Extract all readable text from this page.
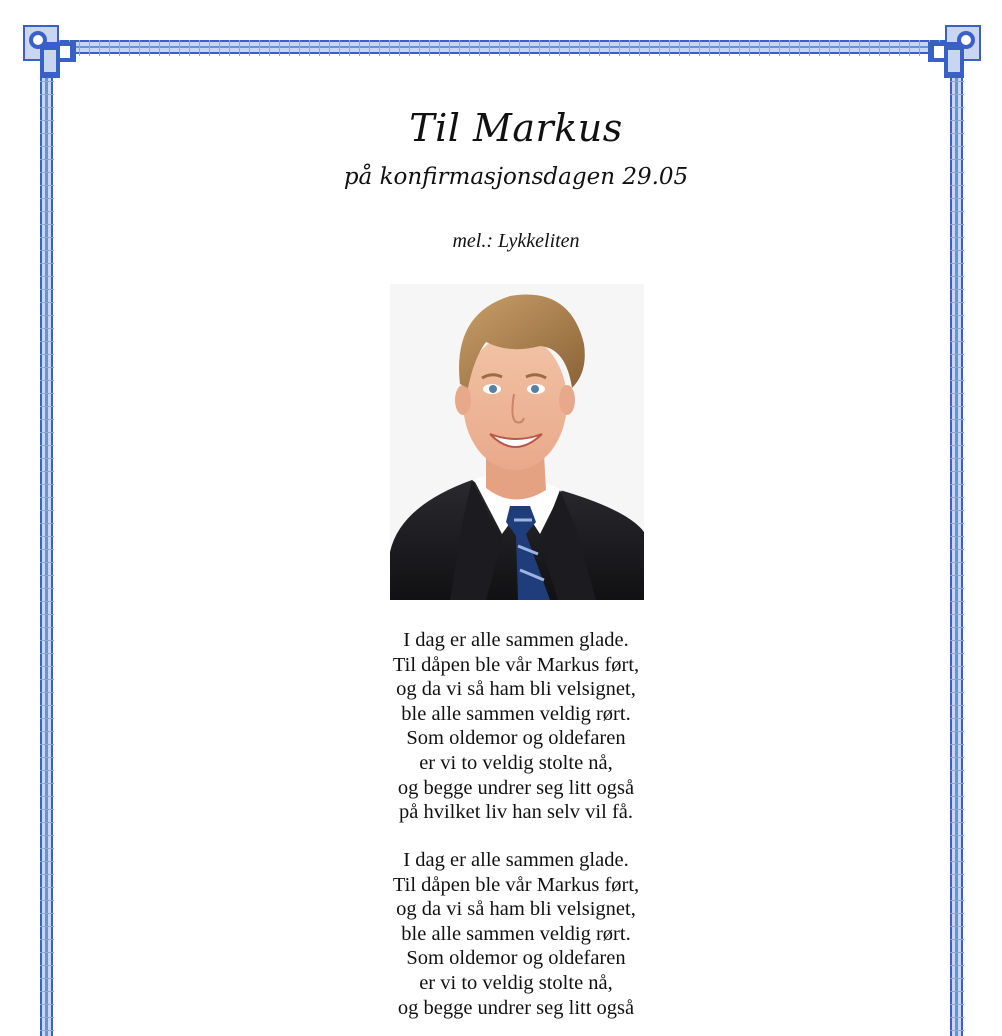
Til Markus
på konfirmasjonsdagen 29.05
mel.: Lykkeliten
I dag er alle sammen glade.
Til dåpen ble vår Markus ført,
og da vi så ham bli velsignet,
ble alle sammen veldig rørt.
Som oldemor og oldefaren
er vi to veldig stolte nå,
og begge undrer seg litt også
på hvilket liv han selv vil få.
I dag er alle sammen glade.
Til dåpen ble vår Markus ført,
og da vi så ham bli velsignet,
ble alle sammen veldig rørt.
Som oldemor og oldefaren
er vi to veldig stolte nå,
og begge undrer seg litt også
